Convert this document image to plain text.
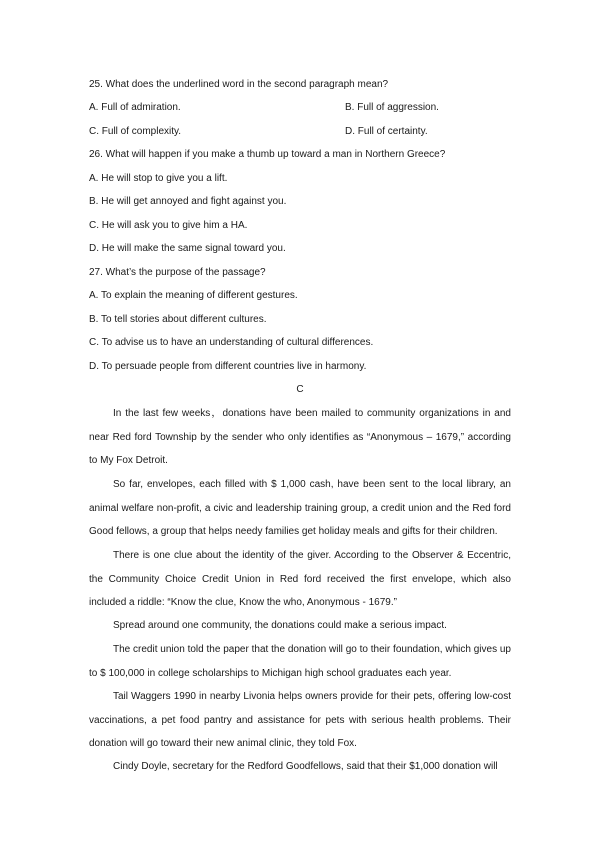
25. What does the underlined word in the second paragraph mean?
A. Full of admiration.	B. Full of aggression.
C. Full of complexity.	D. Full of certainty.
26. What will happen if you make a thumb up toward a man in Northern Greece?
A. He will stop to give you a lift.
B. He will get annoyed and fight against you.
C. He will ask you to give him a HA.
D. He will make the same signal toward you.
27. What’s the purpose of the passage?
A. To explain the meaning of different gestures.
B. To tell stories about different cultures.
C. To advise us to have an understanding of cultural differences.
D. To persuade people from different countries live in harmony.
C
In the last few weeks，donations have been mailed to community organizations in and near Red ford Township by the sender who only identifies as “Anonymous – 1679,” according to My Fox Detroit.
So far, envelopes, each filled with $ 1,000 cash, have been sent to the local library, an animal welfare non-profit, a civic and leadership training group, a credit union and the Red ford Good fellows, a group that helps needy families get holiday meals and gifts for their children.
There is one clue about the identity of the giver. According to the Observer & Eccentric, the Community Choice Credit Union in Red ford received the first envelope, which also included a riddle: “Know the clue, Know the who, Anonymous - 1679.”
Spread around one community, the donations could make a serious impact.
The credit union told the paper that the donation will go to their foundation, which gives up to $ 100,000 in college scholarships to Michigan high school graduates each year.
Tail Waggers 1990 in nearby Livonia helps owners provide for their pets, offering low-cost vaccinations, a pet food pantry and assistance for pets with serious health problems. Their donation will go toward their new animal clinic, they told Fox.
Cindy Doyle, secretary for the Redford Goodfellows, said that their $1,000 donation will
